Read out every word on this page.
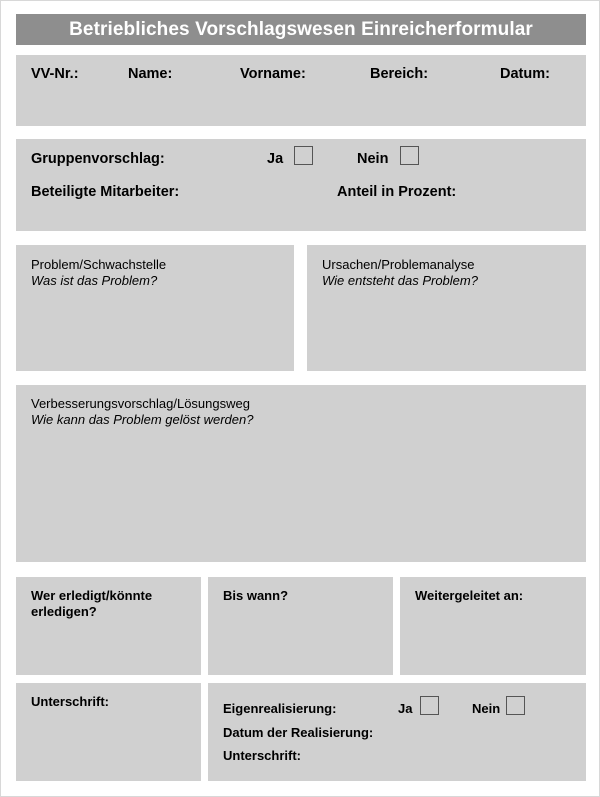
Betriebliches Vorschlagswesen Einreicherformular
VV-Nr.:	Name:	Vorname:	Bereich:	Datum:
Gruppenvorschlag:	Ja	Nein
Beteiligte Mitarbeiter:	Anteil in Prozent:
Problem/Schwachstelle
Was ist das Problem?
Ursachen/Problemanalyse
Wie entsteht das Problem?
Verbesserungsvorschlag/Lösungsweg
Wie kann das Problem gelöst werden?
Wer erledigt/könnte erledigen?
Bis wann?	Weitergeleitet an:
Unterschrift:	Eigenrealisierung:	Ja	Nein
Datum der Realisierung:
Unterschrift:
